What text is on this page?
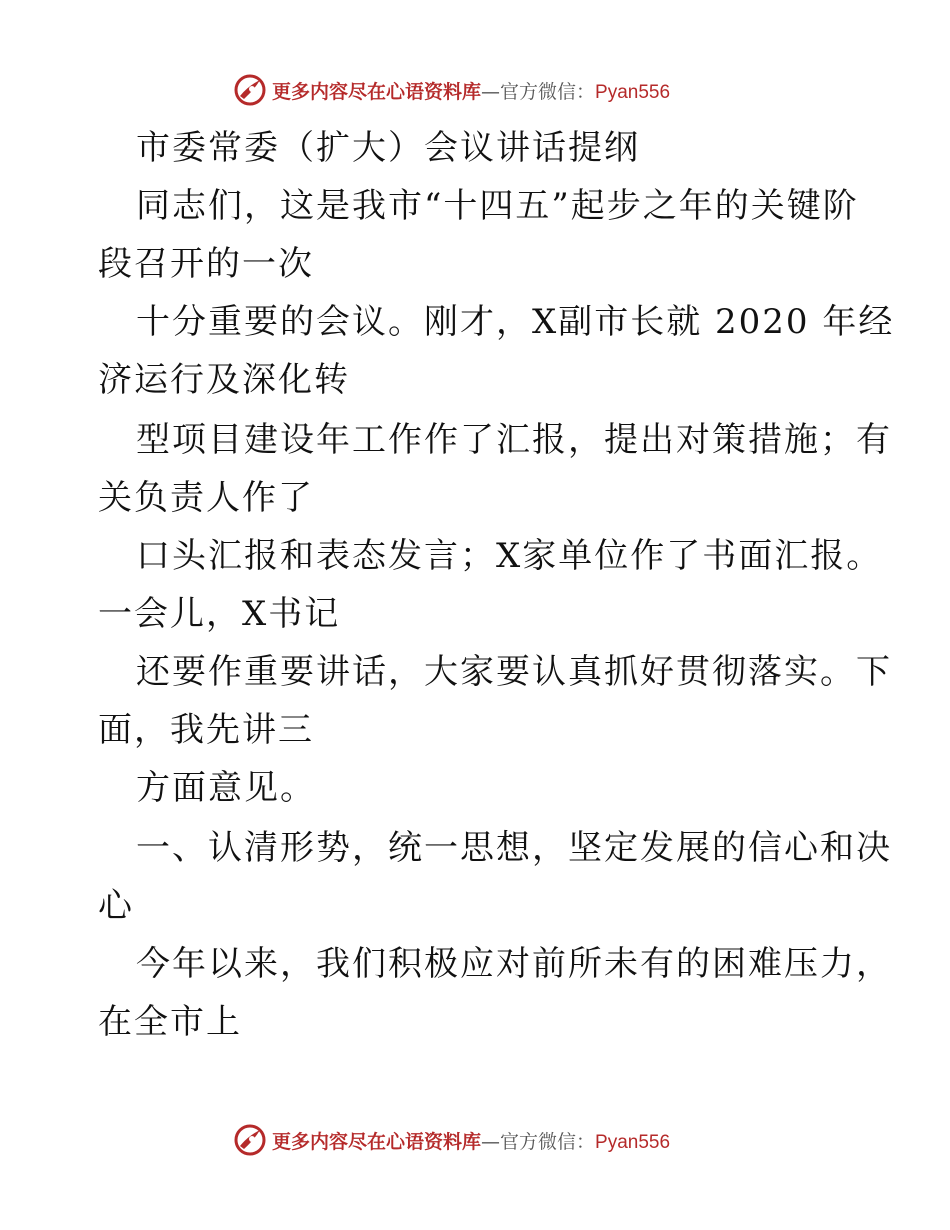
更多内容尽在心语资料库—官方微信：Pyan556
市委常委（扩大）会议讲话提纲
同志们，这是我市“十四五”起步之年的关键阶
段召开的一次
十分重要的会议。刚才，X副市长就 2020 年经
济运行及深化转
型项目建设年工作作了汇报，提出对策措施；有
关负责人作了
口头汇报和表态发言；X家单位作了书面汇报。
一会儿，X书记
还要作重要讲话，大家要认真抓好贯彻落实。下
面，我先讲三
方面意见。
一、认清形势，统一思想，坚定发展的信心和决
心
今年以来，我们积极应对前所未有的困难压力，
在全市上
更多内容尽在心语资料库—官方微信：Pyan556
